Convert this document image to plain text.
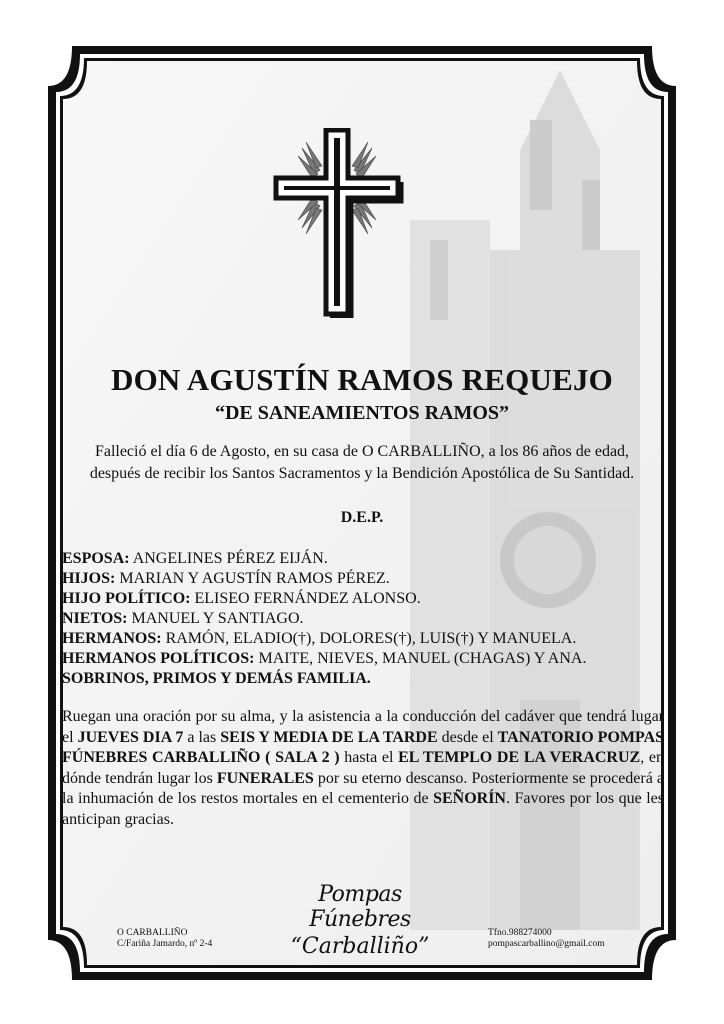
DON AGUSTÍN RAMOS REQUEJO
“DE SANEAMIENTOS RAMOS”
Falleció el día 6 de Agosto, en su casa de O CARBALLIÑO, a los 86 años de edad,
después de recibir los Santos Sacramentos y la Bendición Apostólica de Su Santidad.
D.E.P.
ESPOSA: ANGELINES PÉREZ EIJÁN.
HIJOS: MARIAN Y AGUSTÍN RAMOS PÉREZ.
HIJO POLÍTICO: ELISEO FERNÁNDEZ ALONSO.
NIETOS: MANUEL Y SANTIAGO.
HERMANOS: RAMÓN, ELADIO(†), DOLORES(†), LUIS(†) Y MANUELA.
HERMANOS POLÍTICOS: MAITE, NIEVES, MANUEL (CHAGAS) Y ANA.
SOBRINOS, PRIMOS Y DEMÁS FAMILIA.

Ruegan una oración por su alma, y la asistencia a la conducción del cadáver que tendrá lugar el JUEVES DIA 7 a las SEIS Y MEDIA DE LA TARDE desde el TANATORIO POMPAS FÚNEBRES CARBALLIÑO ( SALA 2 ) hasta el EL TEMPLO DE LA VERACRUZ, en dónde tendrán lugar los FUNERALES por su eterno descanso. Posteriormente se procederá a la inhumación de los restos mortales en el cementerio de SEÑORÍN. Favores por los que les anticipan gracias.

Pompas Fúnebres
“Carballiño”
O CARBALLIÑO
C/Fariña Jamardo, nº 2-4
Tfno.988274000
pompascarballino@gmail.com
